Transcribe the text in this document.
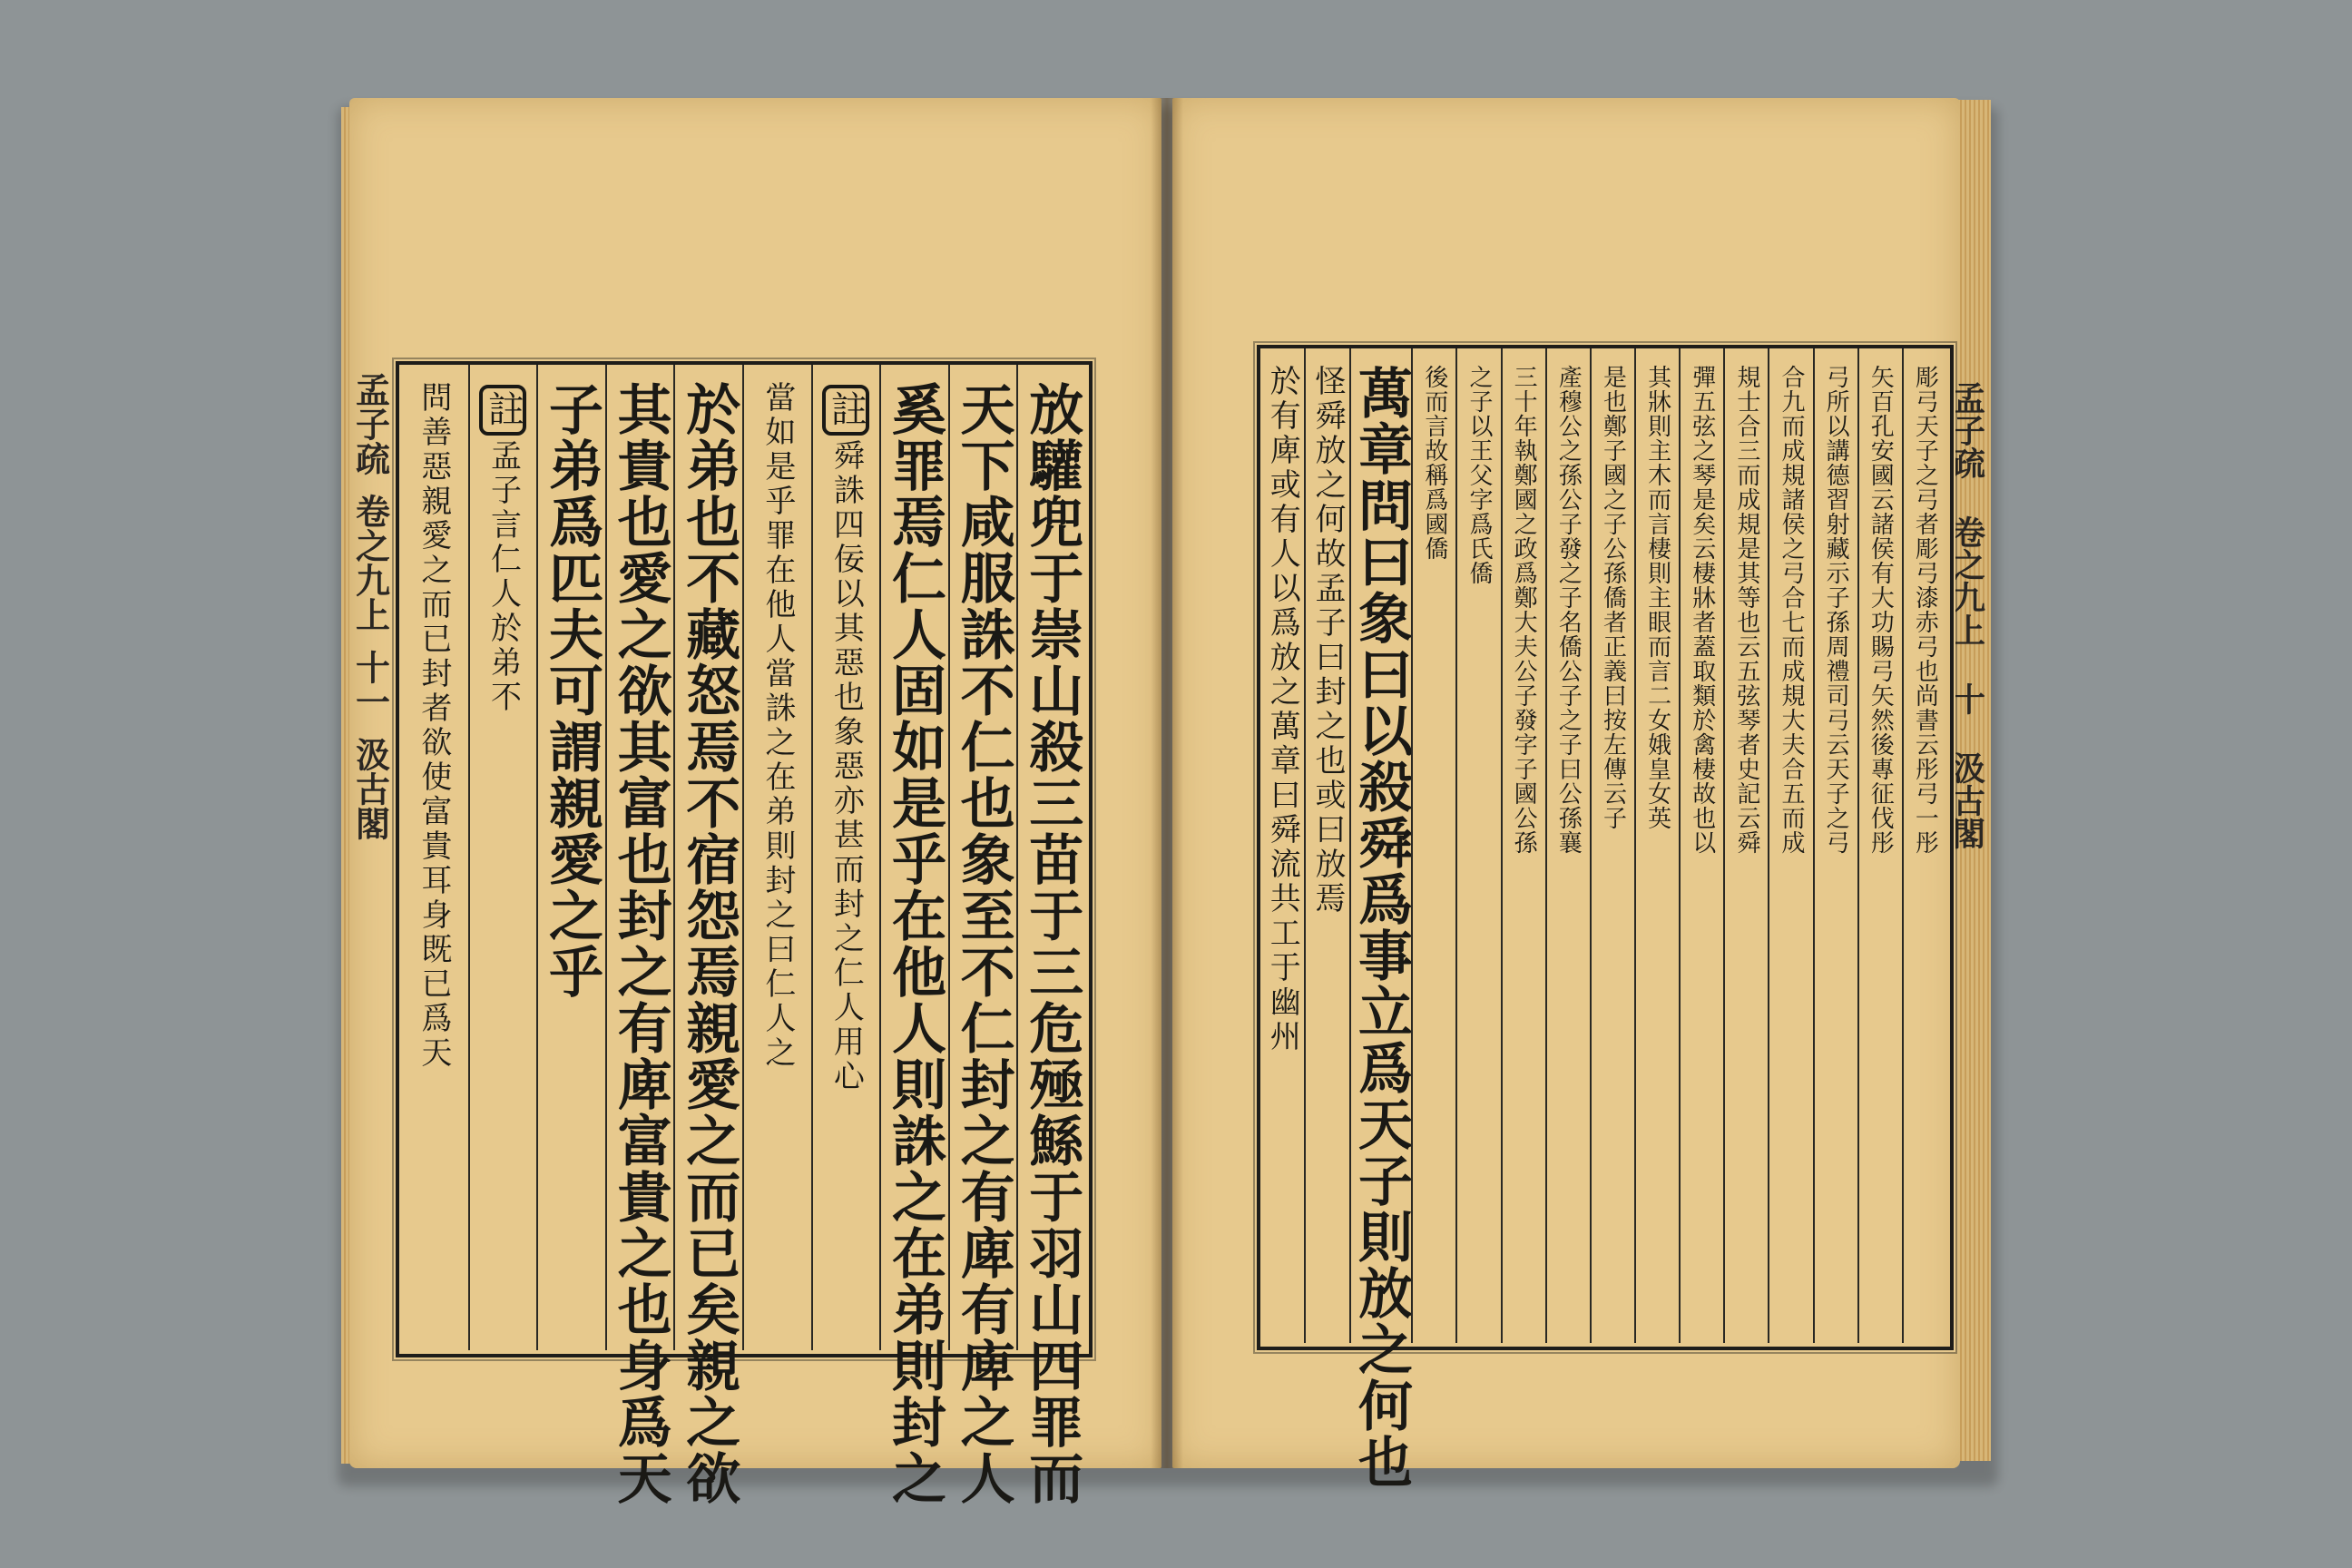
孟子疏
卷之九上
十一
汲古閣
孟子疏
卷之九上
十
汲古閣
放驩兜于崇山殺三苗于三危殛鯀于羽山四罪而
天下咸服誅不仁也象至不仁封之有庳有庳之人
奚罪焉仁人固如是乎在他人則誅之在弟則封之
註舜誅四佞以其惡也象惡亦甚而封之仁人用心
當如是乎罪在他人當誅之在弟則封之曰仁人之
於弟也不藏怒焉不宿怨焉親愛之而已矣親之欲
其貴也愛之欲其富也封之有庳富貴之也身爲天
子弟爲匹夫可謂親愛之乎
註孟子言仁人於弟不
問善惡親愛之而已封者欲使富貴耳身既已爲天	彫弓天子之弓者彫弓漆赤弓也尚書云彤弓一彤
矢百孔安國云諸侯有大功賜弓矢然後專征伐彤
弓所以講德習射藏示子孫周禮司弓云天子之弓
合九而成規諸侯之弓合七而成規大夫合五而成
規士合三而成規是其等也云五弦琴者史記云舜
彈五弦之琴是矣云棲牀者蓋取類於禽棲故也以
其牀則主木而言棲則主眼而言二女娥皇女英
是也鄭子國之子公孫僑者正義曰按左傳云子
產穆公之孫公子發之子名僑公子之子曰公孫襄
三十年執鄭國之政爲鄭大夫公子發字子國公孫
之子以王父字爲氏僑
後而言故稱爲國僑
萬章問曰象曰以殺舜爲事立爲天子則放之何也
怪舜放之何故孟子曰封之也或曰放焉
於有庳或有人以爲放之萬章曰舜流共工于幽州
